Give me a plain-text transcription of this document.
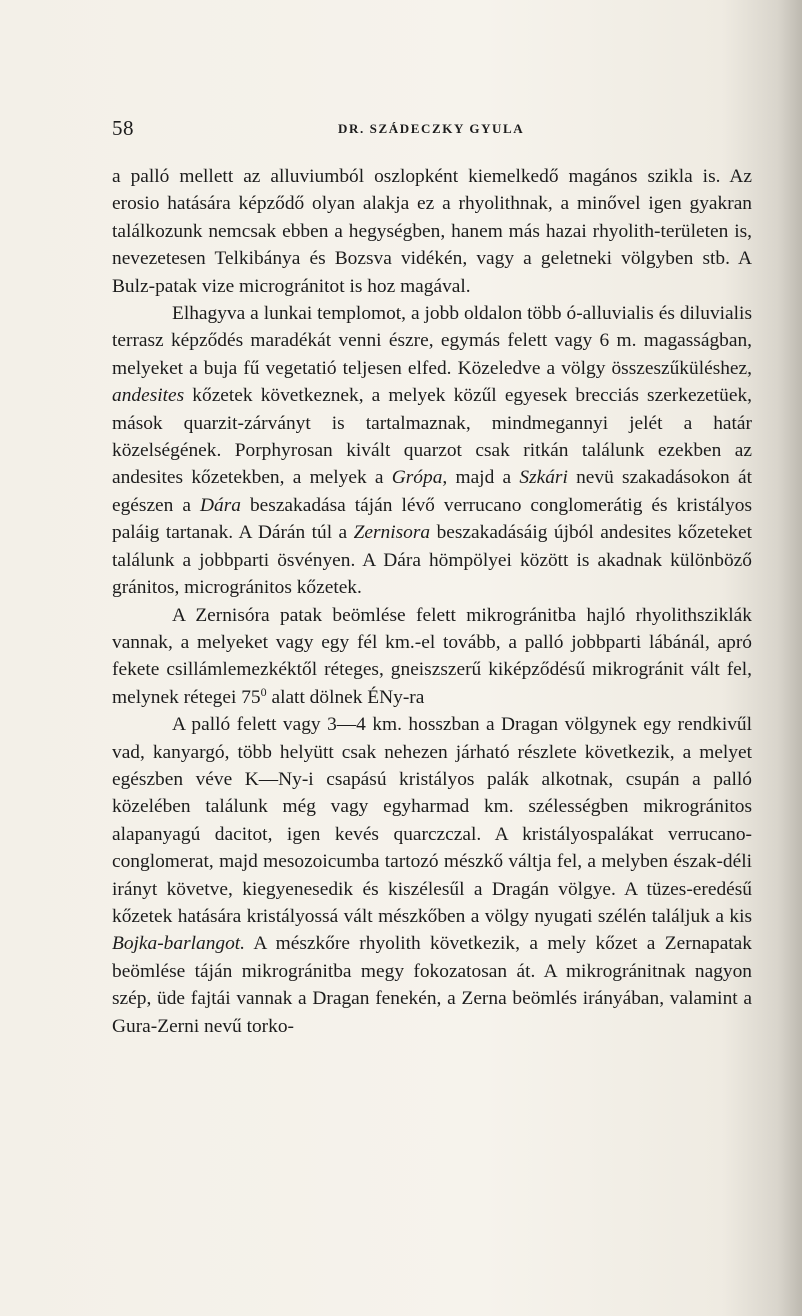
58	DR. SZÁDECZKY GYULA

a palló mellett az alluviumból oszlopként kiemelkedő magános szikla is. Az erosio hatására képződő olyan alakja ez a rhyolithnak, a minővel igen gyakran találkozunk nemcsak ebben a hegységben, hanem más hazai rhyolith-területen is, nevezetesen Telkibánya és Bozsva vidékén, vagy a geletneki völgyben stb. A Bulz-patak vize microgránitot is hoz magával.

Elhagyva a lunkai templomot, a jobb oldalon több ó-alluvialis és diluvialis terrasz képződés maradékát venni észre, egymás felett vagy 6 m. magasságban, melyeket a buja fű vegetatió teljesen elfed. Közeledve a völgy összeszűküléshez, andesites kőzetek következnek, a melyek közűl egyesek brecciás szerkezetüek, mások quarzit-zárványt is tartalmaznak, mindmegannyi jelét a határ közelségének. Porphyrosan kivált quarzot csak ritkán találunk ezekben az andesites kőzetekben, a melyek a Grópa, majd a Szkári nevü szakadásokon át egészen a Dára beszakadása táján lévő verrucano conglomerátig és kristályos paláig tartanak. A Dárán túl a Zernisora beszakadásáig újból andesites kőzeteket találunk a jobbparti ösvényen. A Dára hömpölyei között is akadnak különböző gránitos, microgránitos kőzetek.

A Zernisóra patak beömlése felett mikrogránitba hajló rhyolithsziklák vannak, a melyeket vagy egy fél km.-el tovább, a palló jobbparti lábánál, apró fekete csillámlemezkéktől réteges, gneiszszerű kiképződésű mikrogránit vált fel, melynek rétegei $75^0$ alatt dölnek ÉNy-ra

A palló felett vagy 3—4 km. hosszban a Dragan völgynek egy rendkivűl vad, kanyargó, több helyütt csak nehezen járható részlete következik, a melyet egészben véve K—Ny-i csapású kristályos palák alkotnak, csupán a palló közelében találunk még vagy egyharmad km. szélességben mikrogránitos alapanyagú dacitot, igen kevés quarczczal. A kristályospalákat verrucano-conglomerat, majd mesozoicumba tartozó mészkő váltja fel, a melyben észak-déli irányt követve, kiegyenesedik és kiszélesűl a Dragán völgye. A tüzes-eredésű kőzetek hatására kristályossá vált mészkőben a völgy nyugati szélén találjuk a kis Bojka-barlangot. A mészkőre rhyolith következik, a mely kőzet a Zernapatak beömlése táján mikrogránitba megy fokozatosan át. A mikrogránitnak nagyon szép, üde fajtái vannak a Dragan fenekén, a Zerna beömlés irányában, valamint a Gura-Zerni nevű torko-
